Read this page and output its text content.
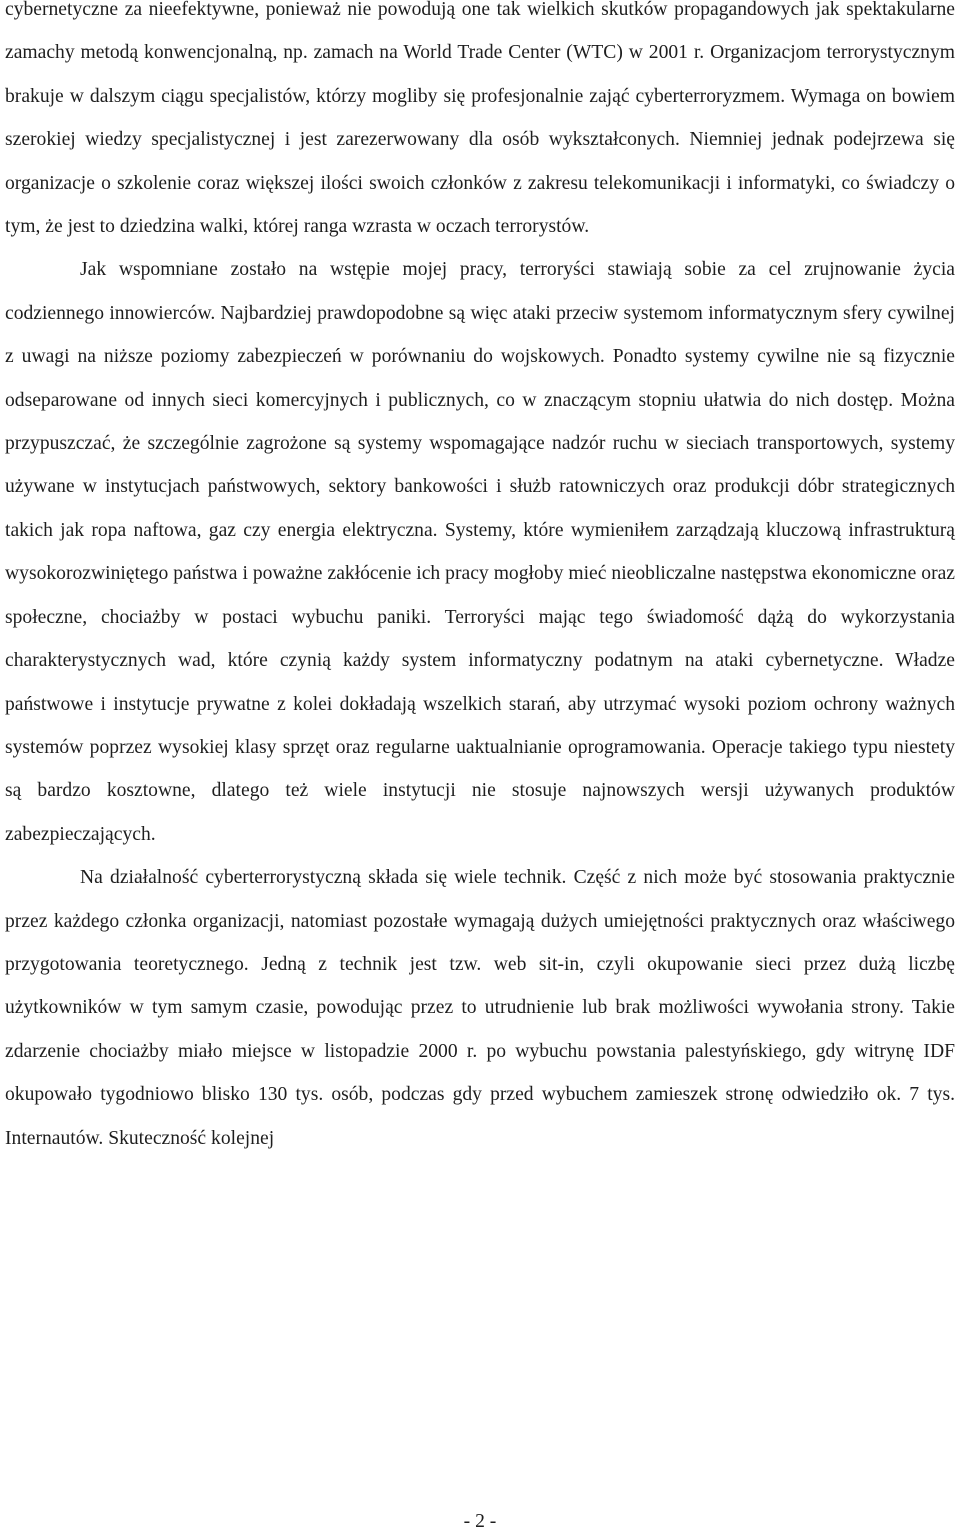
cybernetyczne za nieefektywne, ponieważ nie powodują one tak wielkich skutków propagandowych jak spektakularne zamachy metodą konwencjonalną, np. zamach na World Trade Center (WTC) w 2001 r. Organizacjom terrorystycznym brakuje w dalszym ciągu specjalistów, którzy mogliby się profesjonalnie zająć cyberterroryzmem. Wymaga on bowiem szerokiej wiedzy specjalistycznej i jest zarezerwowany dla osób wykształconych. Niemniej jednak podejrzewa się organizacje o szkolenie coraz większej ilości swoich członków z zakresu telekomunikacji i informatyki, co świadczy o tym, że jest to dziedzina walki, której ranga wzrasta w oczach terrorystów.

Jak wspomniane zostało na wstępie mojej pracy, terroryści stawiają sobie za cel zrujnowanie życia codziennego innowierców. Najbardziej prawdopodobne są więc ataki przeciw systemom informatycznym sfery cywilnej z uwagi na niższe poziomy zabezpieczeń w porównaniu do wojskowych. Ponadto systemy cywilne nie są fizycznie odseparowane od innych sieci komercyjnych i publicznych, co w znaczącym stopniu ułatwia do nich dostęp. Można przypuszczać, że szczególnie zagrożone są systemy wspomagające nadzór ruchu w sieciach transportowych, systemy używane w instytucjach państwowych, sektory bankowości i służb ratowniczych oraz produkcji dóbr strategicznych takich jak ropa naftowa, gaz czy energia elektryczna. Systemy, które wymieniłem zarządzają kluczową infrastrukturą wysokorozwiniętego państwa i poważne zakłócenie ich pracy mogłoby mieć nieobliczalne następstwa ekonomiczne oraz społeczne, chociażby w postaci wybuchu paniki. Terroryści mając tego świadomość dążą do wykorzystania charakterystycznych wad, które czynią każdy system informatyczny podatnym na ataki cybernetyczne. Władze państwowe i instytucje prywatne z kolei dokładają wszelkich starań, aby utrzymać wysoki poziom ochrony ważnych systemów poprzez wysokiej klasy sprzęt oraz regularne uaktualnianie oprogramowania. Operacje takiego typu niestety są bardzo kosztowne, dlatego też wiele instytucji nie stosuje najnowszych wersji używanych produktów zabezpieczających.

Na działalność cyberterrorystyczną składa się wiele technik. Część z nich może być stosowania praktycznie przez każdego członka organizacji, natomiast pozostałe wymagają dużych umiejętności praktycznych oraz właściwego przygotowania teoretycznego. Jedną z technik jest tzw. web sit-in, czyli okupowanie sieci przez dużą liczbę użytkowników w tym samym czasie, powodując przez to utrudnienie lub brak możliwości wywołania strony. Takie zdarzenie chociażby miało miejsce w listopadzie 2000 r. po wybuchu powstania palestyńskiego, gdy witrynę IDF okupowało tygodniowo blisko 130 tys. osób, podczas gdy przed wybuchem zamieszek stronę odwiedziło ok. 7 tys. Internautów. Skuteczność kolejnej

- 2 -
